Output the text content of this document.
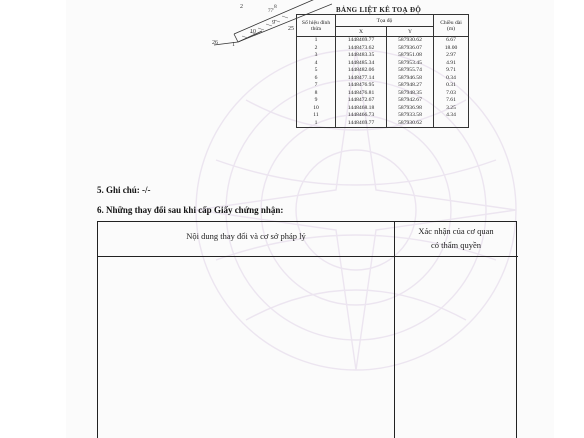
2	8
77'
9
10	25
26 1
BẢNG LIỆT KÊ TOẠ ĐỘ
Số hiệu đỉnh thửa	Tọa độ		Chiều dài (m)
	X	Y	
1	1448469.77	587930.62	6.67
2	1448473.62	587936.07	18.00
3	1448483.35	587951.08	2.97
4	1448485.34	587953.45	4.91
5	1448482.06	587955.74	9.71
6	1448477.14	587946.58	0.34
7	1448476.95	587948.27	0.31
8	1448476.81	587948.35	7.03
9	1448472.67	587942.67	7.61
10	1448468.18	587936.98	3.25
11	1448466.73	587933.58	4.34
1	1448469.77	587930.62	
5. Ghi chú: -/-
6. Những thay đổi sau khi cấp Giấy chứng nhận:
Nội dung thay đổi và cơ sở pháp lý	Xác nhận của cơ quan
có thẩm quyền
